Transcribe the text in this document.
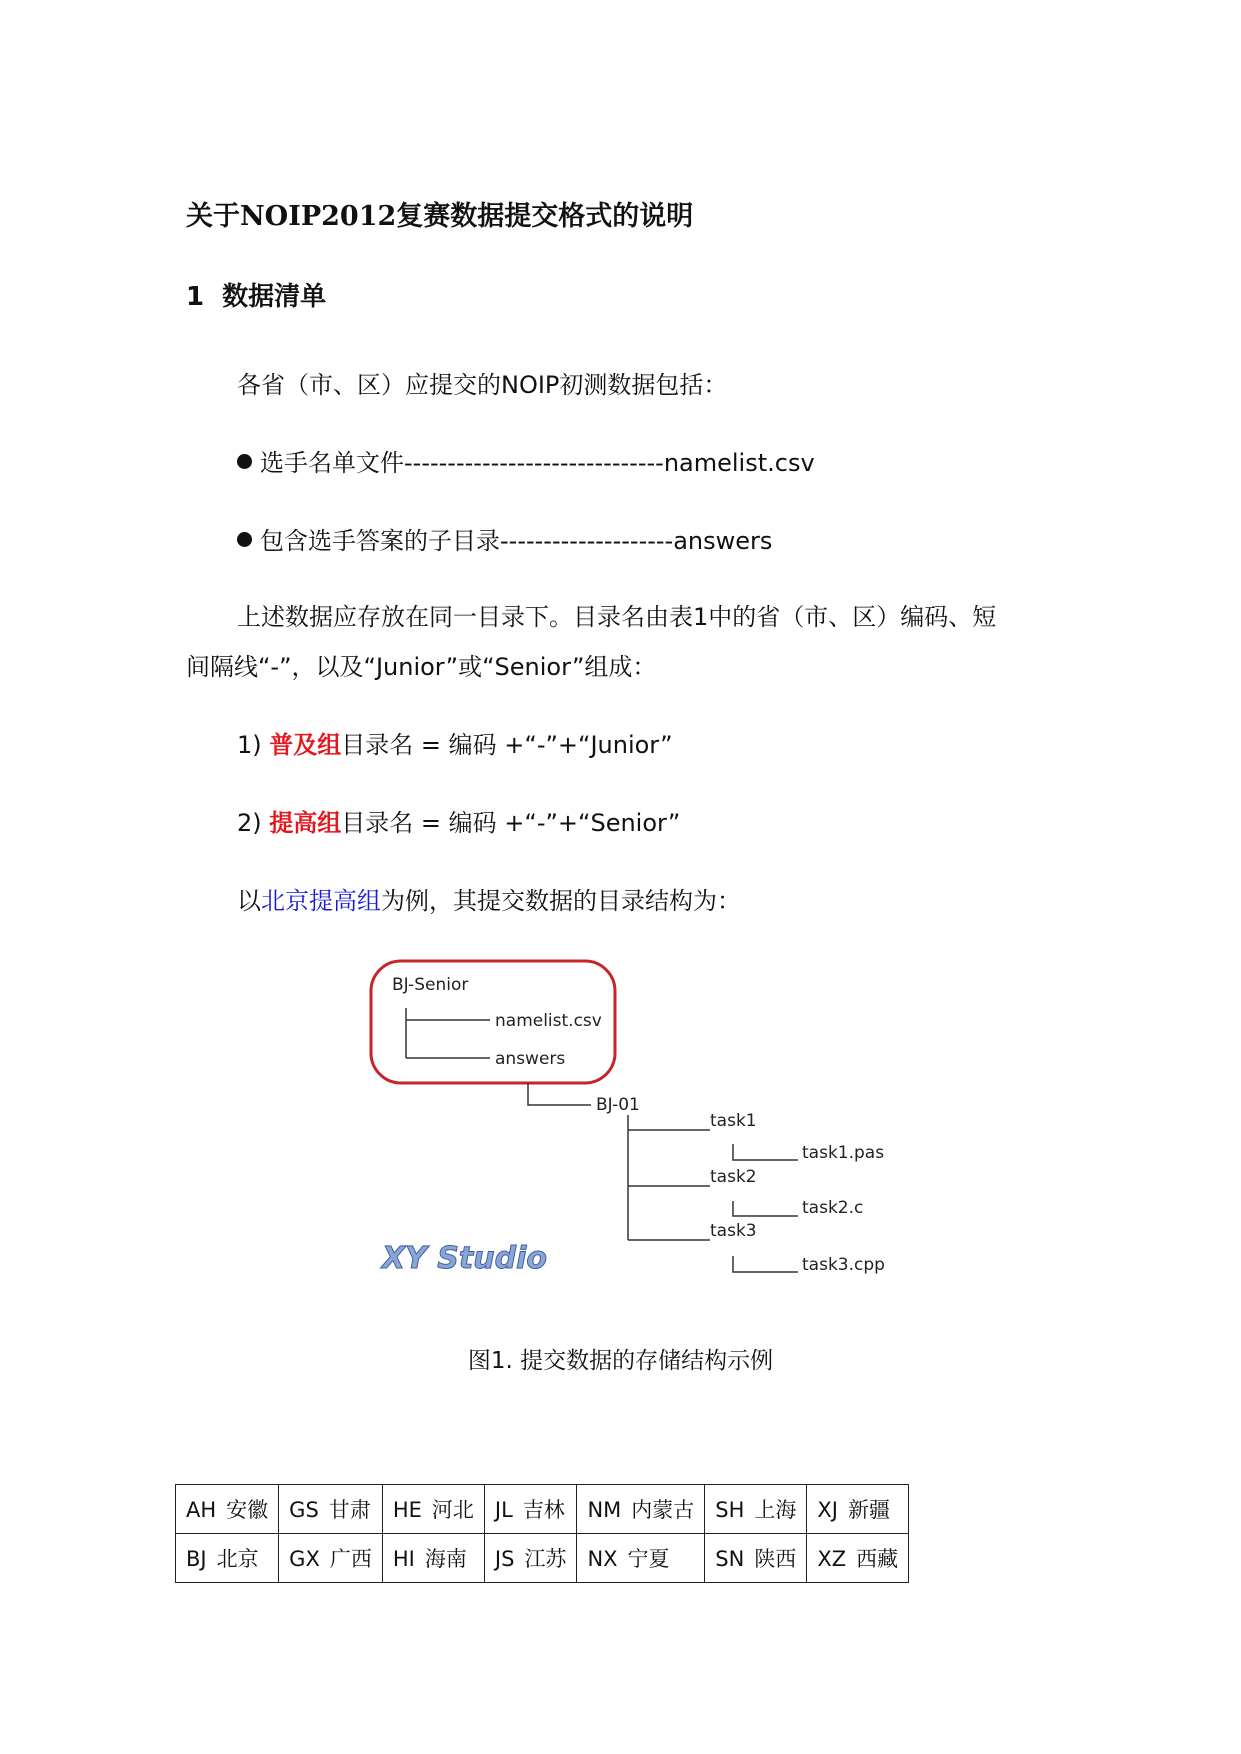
关于NOIP2012复赛数据提交格式的说明
1 数据清单
各省（市、区）应提交的NOIP初测数据包括：
选手名单文件------------------------------namelist.csv
包含选手答案的子目录--------------------answers
上述数据应存放在同一目录下。目录名由表1中的省（市、区）编码、短
间隔线“-”，以及“Junior”或“Senior”组成：
1) 普及组目录名 = 编码 +“-”+“Junior”
2) 提高组目录名 = 编码 +“-”+“Senior”
以北京提高组为例，其提交数据的目录结构为：
BJ-Senior
namelist.csv
answers
BJ-01
task1
task1.pas
task2
task2.c
task3
task3.cpp
XY Studio
图1. 提交数据的存储结构示例
AH 安徽	GS 甘肃	HE 河北	JL 吉林	NM 内蒙古	SH 上海	XJ 新疆
BJ 北京	GX 广西	HI 海南	JS 江苏	NX 宁夏	SN 陕西	XZ 西藏
